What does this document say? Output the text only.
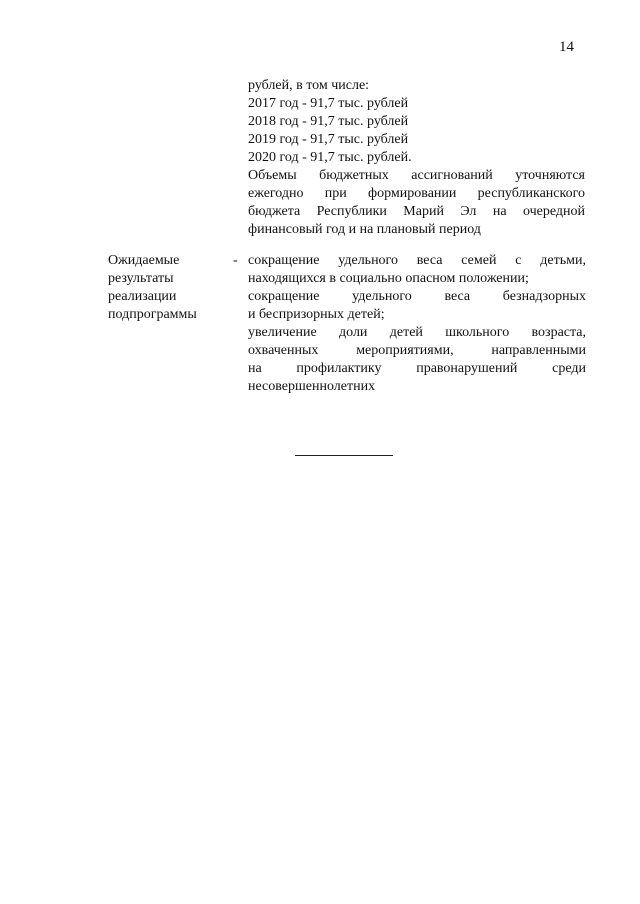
14
рублей, в том числе:
2017 год - 91,7 тыс. рублей
2018 год - 91,7 тыс. рублей
2019 год - 91,7 тыс. рублей
2020 год - 91,7 тыс. рублей.
Объемы бюджетных ассигнований уточняются
ежегодно при формировании республиканского
бюджета Республики Марий Эл на очередной
финансовый год и на плановый период
Ожидаемые
результаты
реализации
подпрограммы
- сокращение удельного веса семей с детьми,
находящихся в социально опасном положении;
сокращение удельного веса безнадзорных
и беспризорных детей;
увеличение доли детей школьного возраста,
охваченных мероприятиями, направленными
на профилактику правонарушений среди
несовершеннолетних
